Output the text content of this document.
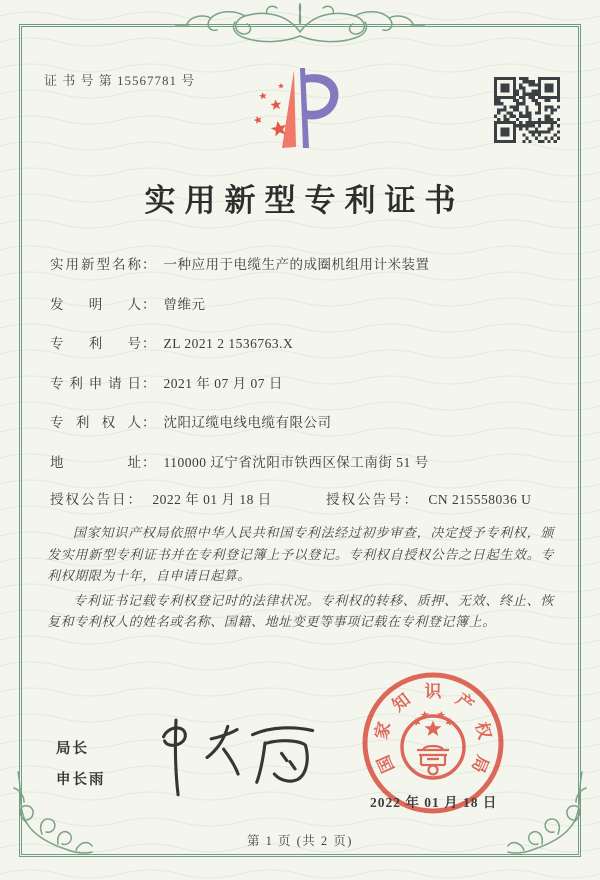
证 书 号 第 15567781 号
实用新型专利证书
实用新型名称 ： 一种应用于电缆生产的成圈机组用计米装置
发明人 ： 曾维元
专利号 ： ZL 2021 2 1536763.X
专利申请日 ： 2021 年 07 月 07 日
专利权人 ： 沈阳辽缆电线电缆有限公司
地址 ： 110000 辽宁省沈阳市铁西区保工南街 51 号
授权公告日： 2022 年 01 月 18 日	授权公告号： CN 215558036 U

国家知识产权局依照中华人民共和国专利法经过初步审查，决定授予专利权，颁发实用新型专利证书并在专利登记簿上予以登记。专利权自授权公告之日起生效。专利权期限为十年，自申请日起算。

专利证书记载专利权登记时的法律状况。专利权的转移、质押、无效、终止、恢复和专利权人的姓名或名称、国籍、地址变更等事项记载在专利登记簿上。

局长
申长雨
国
家
知 识 产
权
局
2022 年 01 月 18 日
第 1 页 (共 2 页)
